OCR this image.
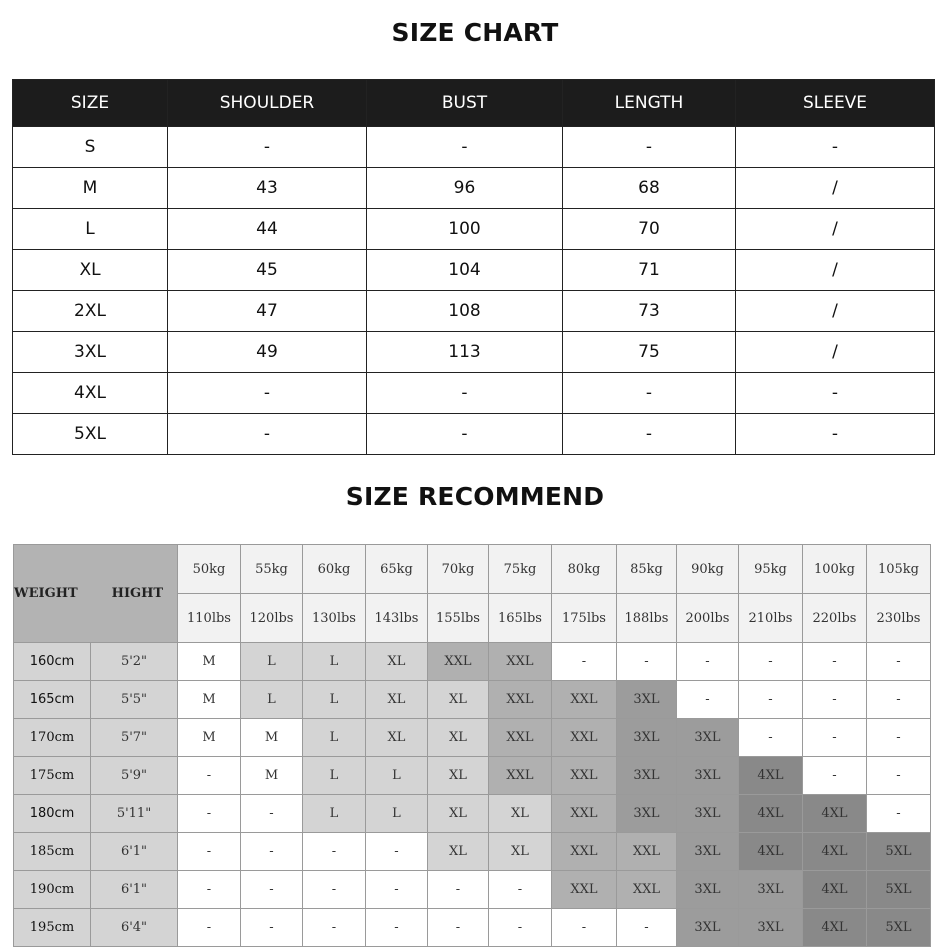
SIZE CHART
SIZE	SHOULDER	BUST	LENGTH	SLEEVE
S	-	-	-	-
M	43	96	68	/
L	44	100	70	/
XL	45	104	71	/
2XL	47	108	73	/
3XL	49	113	75	/
4XL	-	-	-	-
5XL	-	-	-	-
SIZE RECOMMEND
WEIGHT HIGHT		50kg	55kg	60kg	65kg	70kg	75kg	80kg	85kg	90kg	95kg	100kg	105kg
		110lbs	120lbs	130lbs	143lbs	155lbs	165lbs	175lbs	188lbs	200lbs	210lbs	220lbs	230lbs
160cm	5'2"	M	L	L	XL	XXL	XXL	-	-	-	-	-	-
165cm	5'5"	M	L	L	XL	XL	XXL	XXL	3XL	-	-	-	-
170cm	5'7"	M	M	L	XL	XL	XXL	XXL	3XL	3XL	-	-	-
175cm	5'9"	-	M	L	L	XL	XXL	XXL	3XL	3XL	4XL	-	-
180cm	5'11"	-	-	L	L	XL	XL	XXL	3XL	3XL	4XL	4XL	-
185cm	6'1"	-	-	-	-	XL	XL	XXL	XXL	3XL	4XL	4XL	5XL
190cm	6'1"	-	-	-	-	-	-	XXL	XXL	3XL	3XL	4XL	5XL
195cm	6'4"	-	-	-	-	-	-	-	-	3XL	3XL	4XL	5XL
